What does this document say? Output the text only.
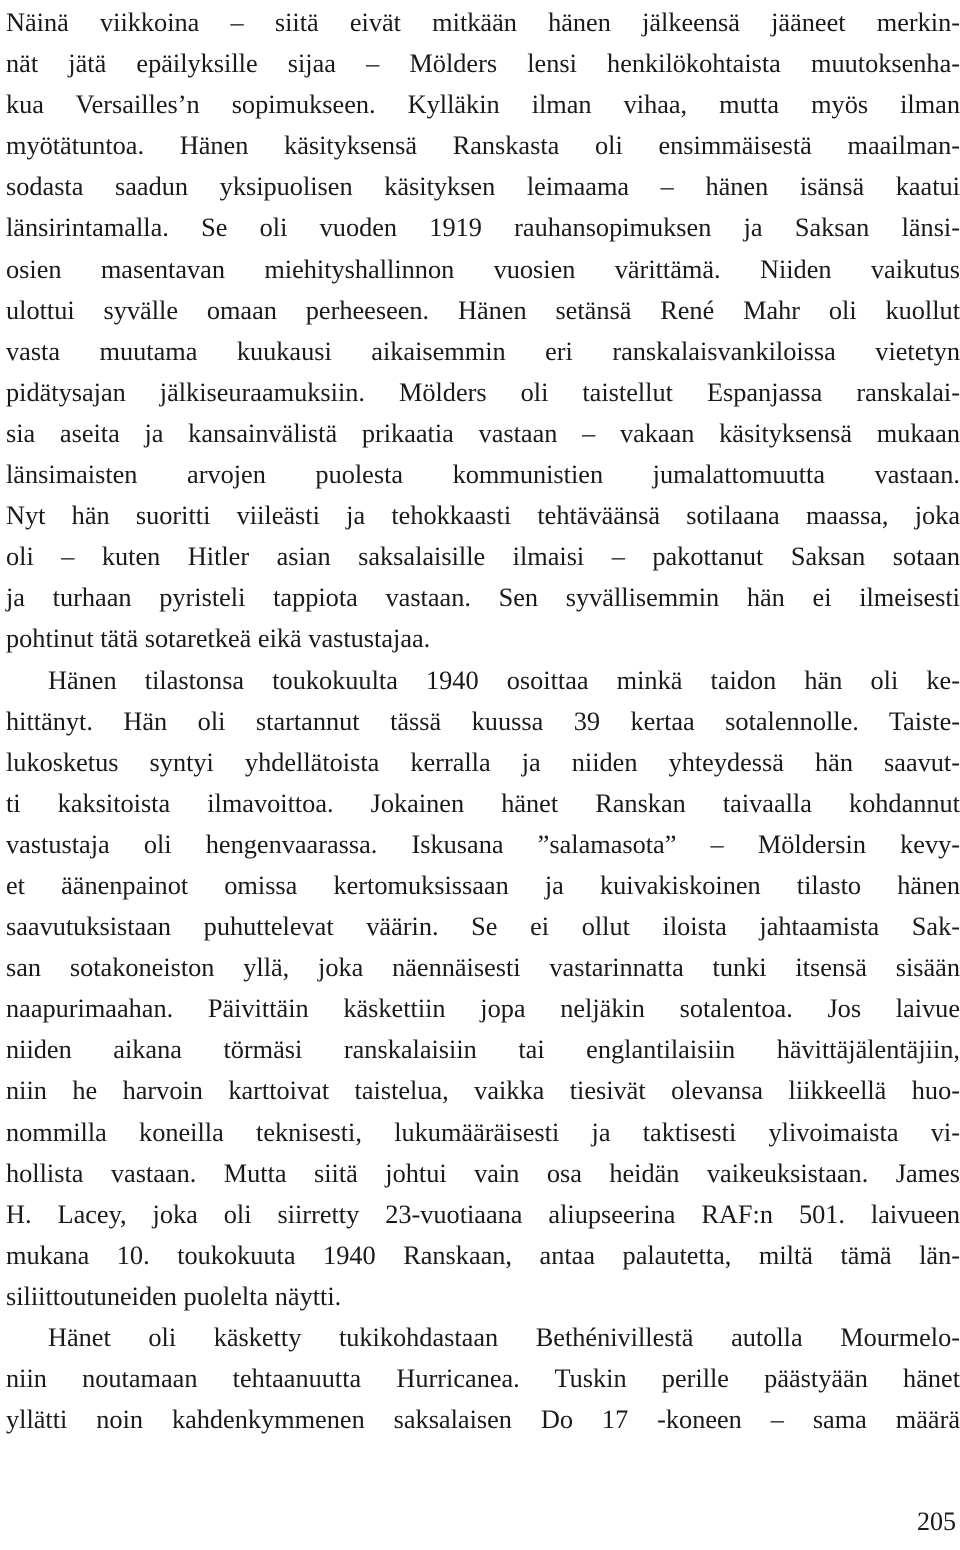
Näinä viikkoina – siitä eivät mitkään hänen jälkeensä jääneet merkin-
nät jätä epäilyksille sijaa – Mölders lensi henkilökohtaista muutoksenha-
kua Versailles’n sopimukseen. Kylläkin ilman vihaa, mutta myös ilman
myötätuntoa. Hänen käsityksensä Ranskasta oli ensimmäisestä maailman-
sodasta saadun yksipuolisen käsityksen leimaama – hänen isänsä kaatui
länsirintamalla. Se oli vuoden 1919 rauhansopimuksen ja Saksan länsi-
osien masentavan miehityshallinnon vuosien värittämä. Niiden vaikutus
ulottui syvälle omaan perheeseen. Hänen setänsä René Mahr oli kuollut
vasta muutama kuukausi aikaisemmin eri ranskalaisvankiloissa vietetyn
pidätysajan jälkiseuraamuksiin. Mölders oli taistellut Espanjassa ranskalai-
sia aseita ja kansainvälistä prikaatia vastaan – vakaan käsityksensä mukaan
länsimaisten arvojen puolesta kommunistien jumalattomuutta vastaan.
Nyt hän suoritti viileästi ja tehokkaasti tehtäväänsä sotilaana maassa, joka
oli – kuten Hitler asian saksalaisille ilmaisi – pakottanut Saksan sotaan
ja turhaan pyristeli tappiota vastaan. Sen syvällisemmin hän ei ilmeisesti
pohtinut tätä sotaretkeä eikä vastustajaa.
Hänen tilastonsa toukokuulta 1940 osoittaa minkä taidon hän oli ke-
hittänyt. Hän oli startannut tässä kuussa 39 kertaa sotalennolle. Taiste-
lukosketus syntyi yhdellätoista kerralla ja niiden yhteydessä hän saavut-
ti kaksitoista ilmavoittoa. Jokainen hänet Ranskan taivaalla kohdannut
vastustaja oli hengenvaarassa. Iskusana ”salamasota” – Möldersin kevy-
et äänenpainot omissa kertomuksissaan ja kuivakiskoinen tilasto hänen
saavutuksistaan puhuttelevat väärin. Se ei ollut iloista jahtaamista Sak-
san sotakoneiston yllä, joka näennäisesti vastarinnatta tunki itsensä sisään
naapurimaahan. Päivittäin käskettiin jopa neljäkin sotalentoa. Jos laivue
niiden aikana törmäsi ranskalaisiin tai englantilaisiin hävittäjälentäjiin,
niin he harvoin karttoivat taistelua, vaikka tiesivät olevansa liikkeellä huo-
nommilla koneilla teknisesti, lukumääräisesti ja taktisesti ylivoimaista vi-
hollista vastaan. Mutta siitä johtui vain osa heidän vaikeuksistaan. James
H. Lacey, joka oli siirretty 23-vuotiaana aliupseerina RAF:n 501. laivueen
mukana 10. toukokuuta 1940 Ranskaan, antaa palautetta, miltä tämä län-
siliittoutuneiden puolelta näytti.
Hänet oli käsketty tukikohdastaan Bethénivillestä autolla Mourmelo-
niin noutamaan tehtaanuutta Hurricanea. Tuskin perille päästyään hänet
yllätti noin kahdenkymmenen saksalaisen Do 17 -koneen – sama määrä
205
